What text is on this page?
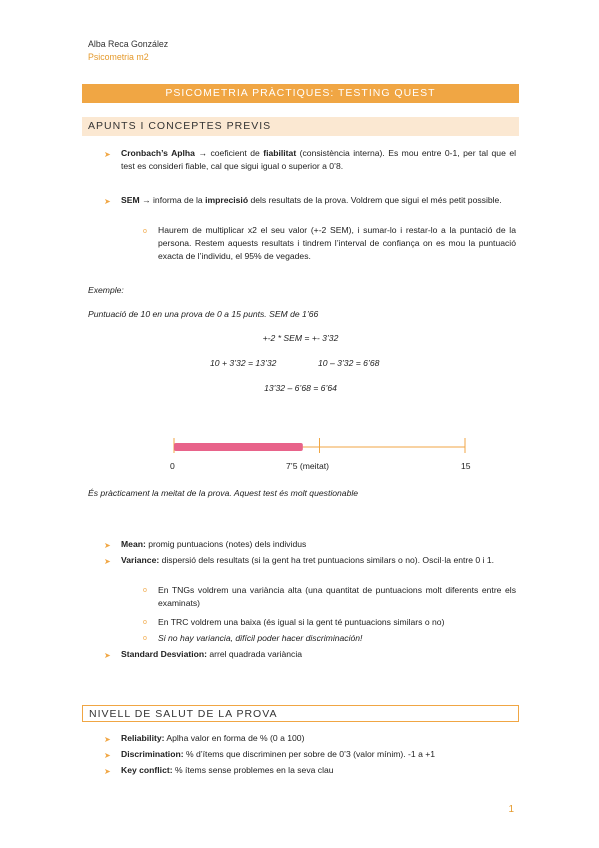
Alba Reca González
Psicometria m2
PSICOMETRIA PRÀCTIQUES: TESTING QUEST
APUNTS I CONCEPTES PREVIS
➤ Cronbach’s Aplha → coeficient de fiabilitat (consistència interna). Es mou entre 0-1, per tal que el test es consideri fiable, cal que sigui igual o superior a 0’8.
➤ SEM → informa de la imprecisió dels resultats de la prova. Voldrem que sigui el més petit possible.
o Haurem de multiplicar x2 el seu valor (+-2 SEM), i sumar-lo i restar-lo a la puntació de la persona. Restem aquests resultats i tindrem l’interval de confiança on es mou la puntuació exacta de l’individu, el 95% de vegades.
Exemple:
Puntuació de 10 en una prova de 0 a 15 punts. SEM de 1’66
+-2 * SEM = +- 3’32
10 + 3’32 = 13’32	10 – 3’32 = 6’68
13’32 – 6’68 = 6’64
0	7’5 (meitat)	15
És pràcticament la meitat de la prova. Aquest test és molt questionable
➤ Mean: promig puntuacions (notes) dels individus
➤ Variance: dispersió dels resultats (si la gent ha tret puntuacions similars o no). Oscil·la entre 0 i 1.
o En TNGs voldrem una variància alta (una quantitat de puntuacions molt diferents entre els examinats)
o En TRC voldrem una baixa (és igual si la gent té puntuacions similars o no)
o Si no hay variancia, difícil poder hacer discriminación!
➤ Standard Desviation: arrel quadrada variància
NIVELL DE SALUT DE LA PROVA
➤ Reliability: Aplha valor en forma de % (0 a 100)
➤ Discrimination: % d’ítems que discriminen per sobre de 0’3 (valor mínim). -1 a +1
➤ Key conflict: % ítems sense problemes en la seva clau
1
